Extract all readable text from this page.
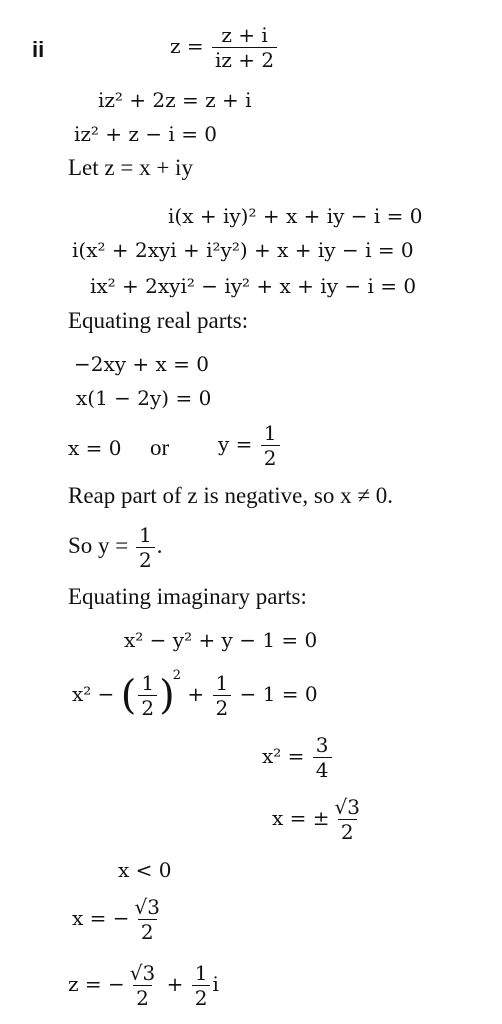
ii	$z = \frac{z + i}{iz + 2}$
iz² + 2z = z + i
iz² + z − i = 0
Let z = x + iy
i(x + iy)² + x + iy − i = 0
i(x² + 2xyi + i²y²) + x + iy − i = 0
ix² + 2xyi² − iy² + x + iy − i = 0
Equating real parts:
−2xy + x = 0
x(1 − 2y) = 0
x = 0 or $y = \frac{1}{2}$
Reap part of z is negative, so x ≠ 0.
So $y = \frac{1}{2}$ .
Equating imaginary parts:
x² − y² + y − 1 = 0
x² − ( $\frac{1}{2} )^2 + \frac{1}{2} - 1 = 0$
$x^2 = \frac{3}{4}$
x = ± $\frac{√3}{2}$
x < 0
x = − $\frac{√3}{2}$
z = − $\frac{√3}{2} + \frac{1}{2}$ i
